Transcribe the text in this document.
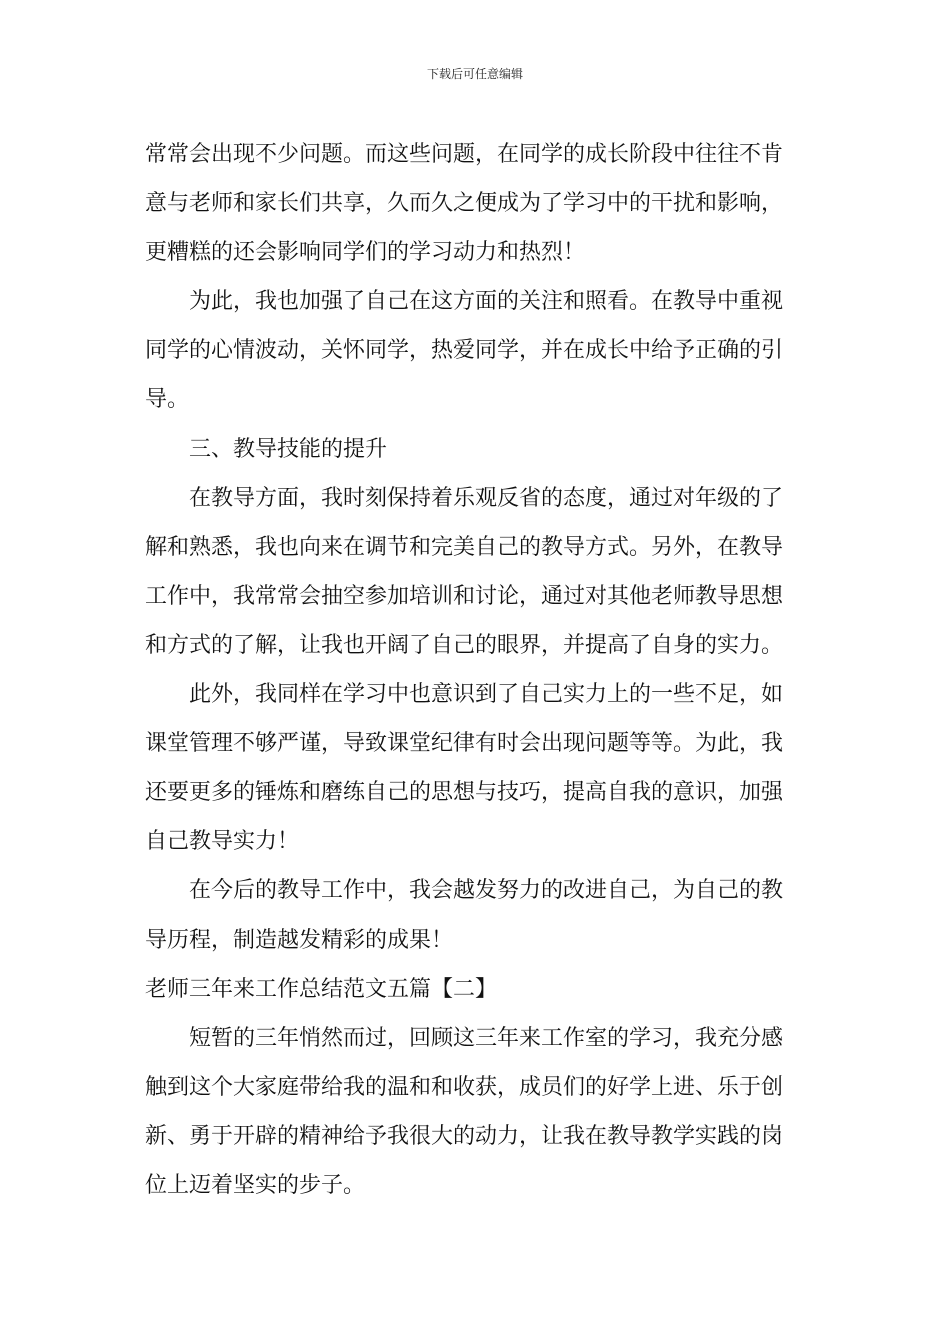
下载后可任意编辑
常常会出现不少问题。而这些问题，在同学的成长阶段中往往不肯
意与老师和家长们共享，久而久之便成为了学习中的干扰和影响，
更糟糕的还会影响同学们的学习动力和热烈！
为此，我也加强了自己在这方面的关注和照看。在教导中重视
同学的心情波动，关怀同学，热爱同学，并在成长中给予正确的引
导。
三、教导技能的提升
在教导方面，我时刻保持着乐观反省的态度，通过对年级的了
解和熟悉，我也向来在调节和完美自己的教导方式。另外，在教导
工作中，我常常会抽空参加培训和讨论，通过对其他老师教导思想
和方式的了解，让我也开阔了自己的眼界，并提高了自身的实力。
此外，我同样在学习中也意识到了自己实力上的一些不足，如
课堂管理不够严谨，导致课堂纪律有时会出现问题等等。为此，我
还要更多的锤炼和磨练自己的思想与技巧，提高自我的意识，加强
自己教导实力！
在今后的教导工作中，我会越发努力的改进自己，为自己的教
导历程，制造越发精彩的成果！
老师三年来工作总结范文五篇【二】
短暂的三年悄然而过，回顾这三年来工作室的学习，我充分感
触到这个大家庭带给我的温和和收获，成员们的好学上进、乐于创
新、勇于开辟的精神给予我很大的动力，让我在教导教学实践的岗
位上迈着坚实的步子。
